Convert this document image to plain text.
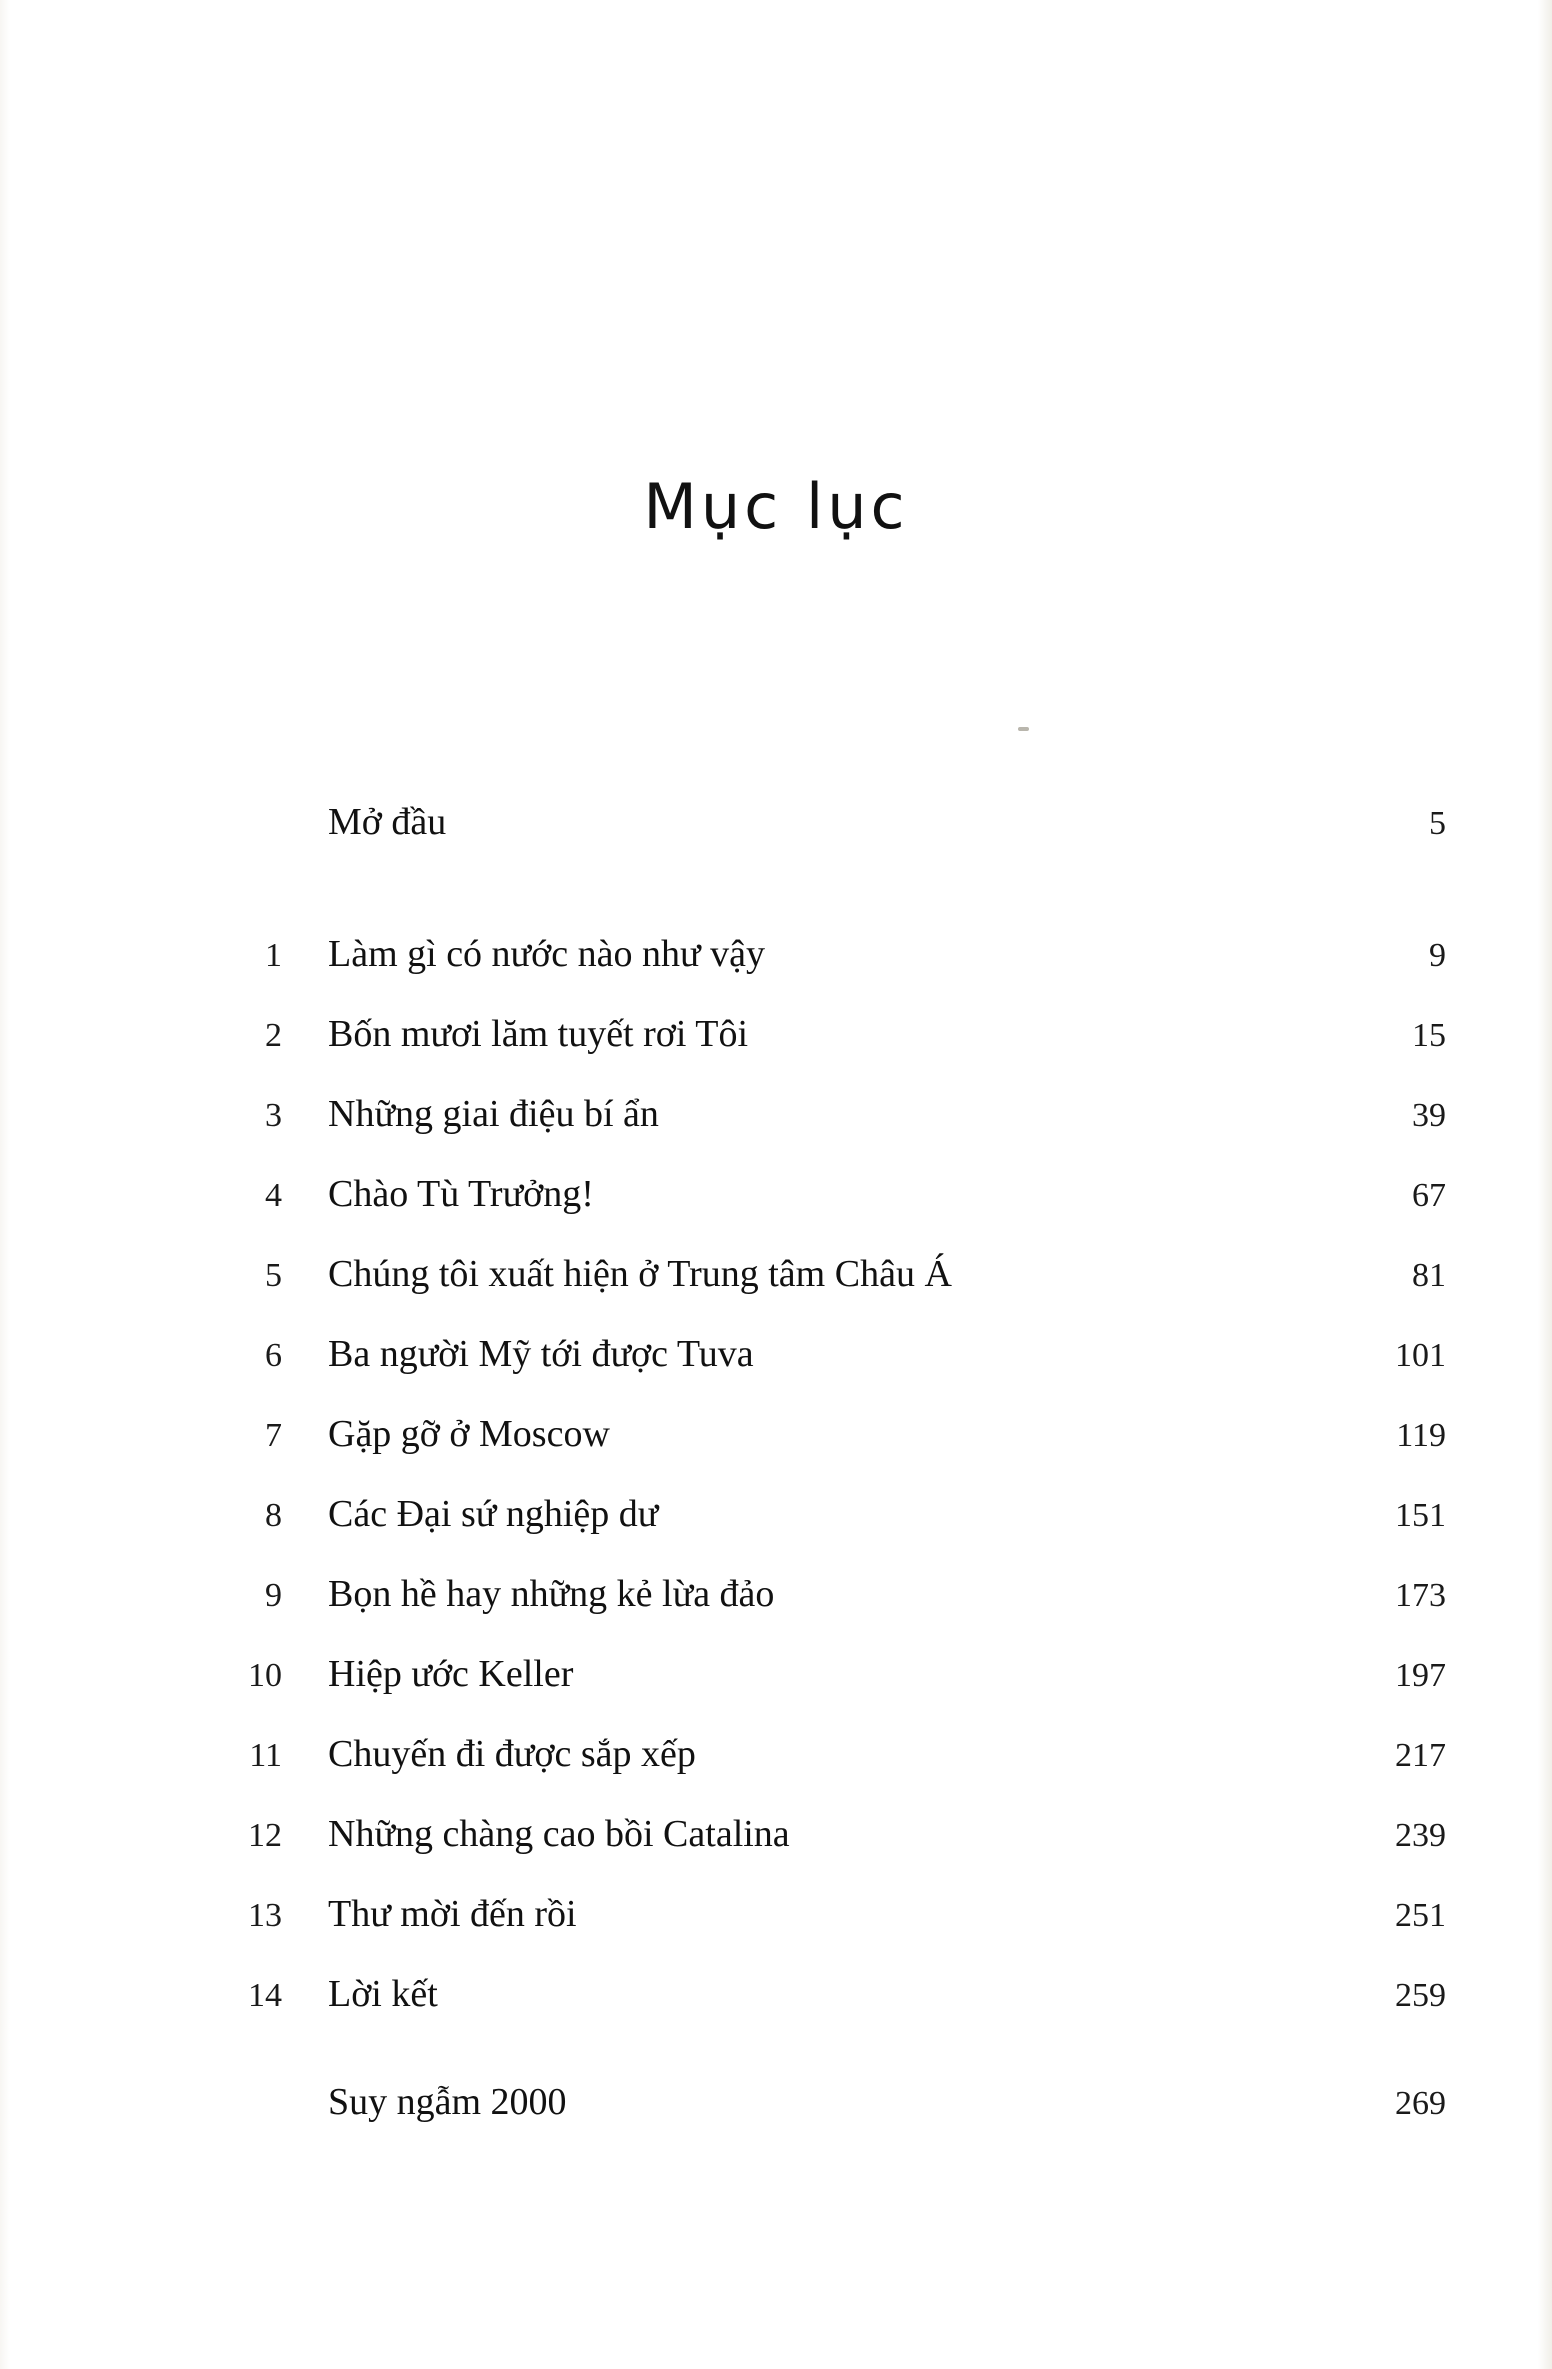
Mục lục
Mở đầu	5
1	Làm gì có nước nào như vậy	9
2	Bốn mươi lăm tuyết rơi Tôi	15
3	Những giai điệu bí ẩn	39
4	Chào Tù Trưởng!	67
5	Chúng tôi xuất hiện ở Trung tâm Châu Á	81
6	Ba người Mỹ tới được Tuva	101
7	Gặp gỡ ở Moscow	119
8	Các Đại sứ nghiệp dư	151
9	Bọn hề hay những kẻ lừa đảo	173
10	Hiệp ước Keller	197
11	Chuyến đi được sắp xếp	217
12	Những chàng cao bồi Catalina	239
13	Thư mời đến rồi	251
14	Lời kết	259
Suy ngẫm 2000	269
